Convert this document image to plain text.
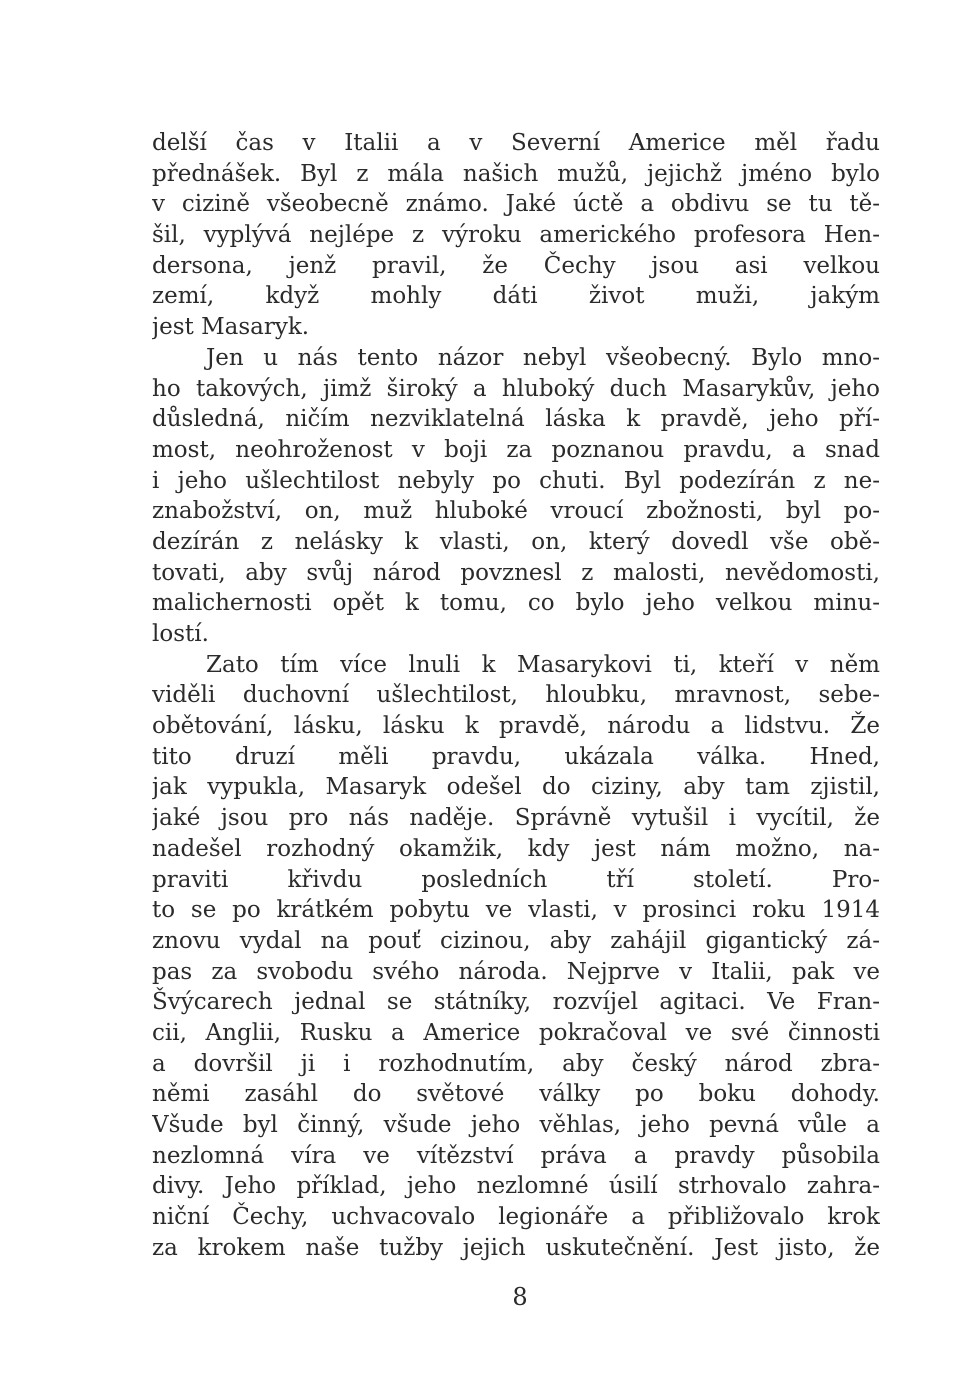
delší čas v Italii a v Severní Americe měl řadu
přednášek. Byl z mála našich mužů, jejichž jméno bylo
v cizině všeobecně známo. Jaké úctě a obdivu se tu tě-
šil, vyplývá nejlépe z výroku amerického profesora Hen-
dersona, jenž pravil, že Čechy jsou asi velkou
zemí, když mohly dáti život muži, jakým
jest Masaryk.
Jen u nás tento názor nebyl všeobecný. Bylo mno-
ho takových, jimž široký a hluboký duch Masarykův, jeho
důsledná, ničím nezviklatelná láska k pravdě, jeho pří-
most, neohroženost v boji za poznanou pravdu, a snad
i jeho ušlechtilost nebyly po chuti. Byl podezírán z ne-
znabožství, on, muž hluboké vroucí zbožnosti, byl po-
dezírán z nelásky k vlasti, on, který dovedl vše obě-
tovati, aby svůj národ povznesl z malosti, nevědomosti,
malichernosti opět k tomu, co bylo jeho velkou minu-
lostí.
Zato tím více lnuli k Masarykovi ti, kteří v něm
viděli duchovní ušlechtilost, hloubku, mravnost, sebe-
obětování, lásku, lásku k pravdě, národu a lidstvu. Že
tito druzí měli pravdu, ukázala válka. Hned,
jak vypukla, Masaryk odešel do ciziny, aby tam zjistil,
jaké jsou pro nás naděje. Správně vytušil i vycítil, že
nadešel rozhodný okamžik, kdy jest nám možno, na-
praviti křivdu posledních tří století. Pro-
to se po krátkém pobytu ve vlasti, v prosinci roku 1914
znovu vydal na pouť cizinou, aby zahájil gigantický zá-
pas za svobodu svého národa. Nejprve v Italii, pak ve
Švýcarech jednal se státníky, rozvíjel agitaci. Ve Fran-
cii, Anglii, Rusku a Americe pokračoval ve své činnosti
a dovršil ji i rozhodnutím, aby český národ zbra-
němi zasáhl do světové války po boku dohody.
Všude byl činný, všude jeho věhlas, jeho pevná vůle a
nezlomná víra ve vítězství práva a pravdy působila
divy. Jeho příklad, jeho nezlomné úsilí strhovalo zahra-
niční Čechy, uchvacovalo legionáře a přibližovalo krok
za krokem naše tužby jejich uskutečnění. Jest jisto, že
8
